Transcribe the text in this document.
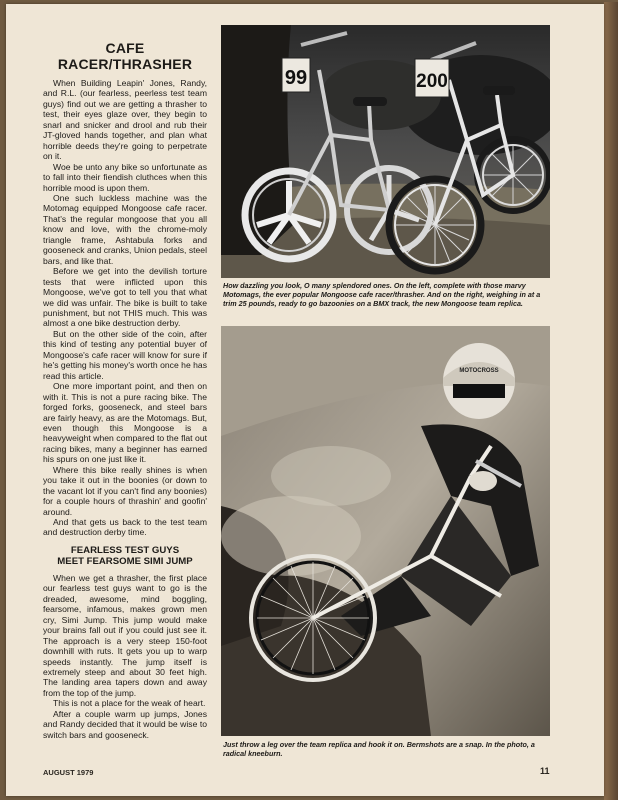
CAFE RACER/THRASHER

When Building Leapin' Jones, Randy, and R.L. (our fearless, peerless test team guys) find out we are getting a thrasher to test, their eyes glaze over, they begin to snarl and snicker and drool and rub their JT-gloved hands together, and plan what horrible deeds they're going to perpetrate on it.

Woe be unto any bike so unfortunate as to fall into their fiendish cluthces when this horrible mood is upon them.

One such luckless machine was the Motomag equipped Mongoose cafe racer. That's the regular mongoose that you all know and love, with the chrome-moly triangle frame, Ashtabula forks and gooseneck and cranks, Union pedals, steel bars, and like that.

Before we get into the devilish torture tests that were inflicted upon this Mongoose, we've got to tell you that what we did was unfair. The bike is built to take punishment, but not THIS much. This was almost a one bike destruction derby.

But on the other side of the coin, after this kind of testing any potential buyer of Mongoose's cafe racer will know for sure if he's getting his money's worth once he has read this article.

One more important point, and then on with it. This is not a pure racing bike. The forged forks, gooseneck, and steel bars are fairly heavy, as are the Motomags. But, even though this Mongoose is a heavyweight when compared to the flat out racing bikes, many a beginner has earned his spurs on one just like it.

Where this bike really shines is when you take it out in the boonies (or down to the vacant lot if you can't find any boonies) for a couple hours of thrashin' and goofin' around.

And that gets us back to the test team and destruction derby time.

FEARLESS TEST GUYS
MEET FEARSOME SIMI JUMP

When we get a thrasher, the first place our fearless test guys want to go is the dreaded, awesome, mind boggling, fearsome, infamous, makes grown men cry, Simi Jump. This jump would make your brains fall out if you could just see it. The approach is a very steep 150-foot downhill with ruts. It gets you up to warp speeds instantly. The jump itself is extremely steep and about 30 feet high. The landing area tapers down and away from the top of the jump.

This is not a place for the weak of heart.

After a couple warm up jumps, Jones and Randy decided that it would be wise to switch bars and gooseneck.

99	200
How dazzling you look, O many splendored ones. On the left, complete with those marvy Motomags, the ever popular Mongoose cafe racer/thrasher. And on the right, weighing in at a trim 25 pounds, ready to go bazoonies on a BMX track, the new Mongoose team replica.
MOTOCROSS
Just throw a leg over the team replica and hook it on. Bermshots are a snap. In the photo, a radical kneeburn.
AUGUST 1979	11
